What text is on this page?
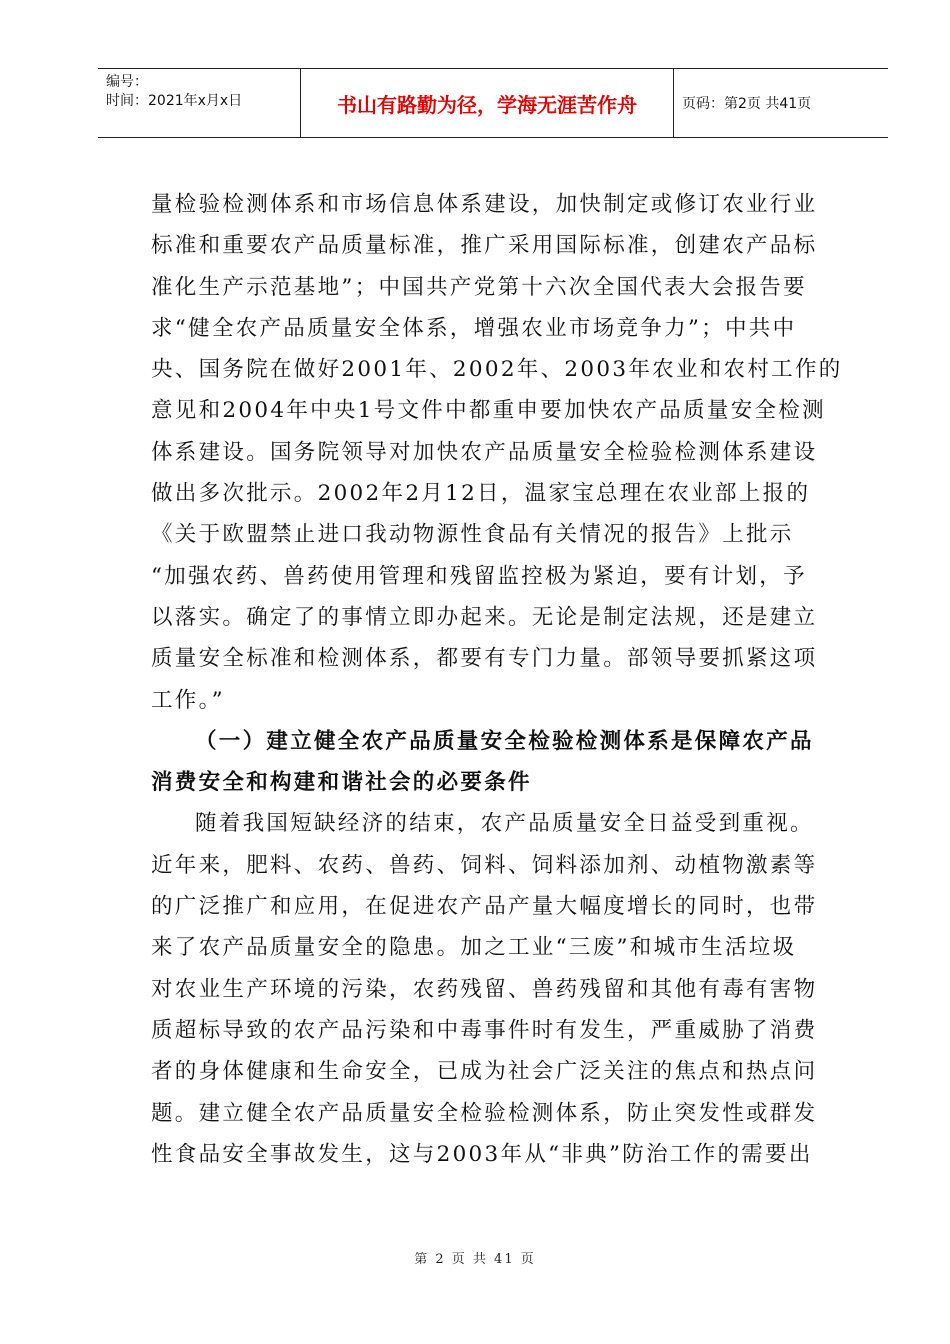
编号：
时间：2021年x月x日	书山有路勤为径，学海无涯苦作舟	页码：第2页 共41页

量检验检测体系和市场信息体系建设，加快制定或修订农业行业
标准和重要农产品质量标准，推广采用国际标准，创建农产品标
准化生产示范基地”；中国共产党第十六次全国代表大会报告要
求“健全农产品质量安全体系，增强农业市场竞争力”；中共中
央、国务院在做好2001年、2002年、2003年农业和农村工作的
意见和2004年中央1号文件中都重申要加快农产品质量安全检测
体系建设。国务院领导对加快农产品质量安全检验检测体系建设
做出多次批示。2002年2月12日，温家宝总理在农业部上报的
《关于欧盟禁止进口我动物源性食品有关情况的报告》上批示
“加强农药、兽药使用管理和残留监控极为紧迫，要有计划，予
以落实。确定了的事情立即办起来。无论是制定法规，还是建立
质量安全标准和检测体系，都要有专门力量。部领导要抓紧这项
工作。”

（一）建立健全农产品质量安全检验检测体系是保障农产品
消费安全和构建和谐社会的必要条件

随着我国短缺经济的结束，农产品质量安全日益受到重视。
近年来，肥料、农药、兽药、饲料、饲料添加剂、动植物激素等
的广泛推广和应用，在促进农产品产量大幅度增长的同时，也带
来了农产品质量安全的隐患。加之工业“三废”和城市生活垃圾
对农业生产环境的污染，农药残留、兽药残留和其他有毒有害物
质超标导致的农产品污染和中毒事件时有发生，严重威胁了消费
者的身体健康和生命安全，已成为社会广泛关注的焦点和热点问
题。建立健全农产品质量安全检验检测体系，防止突发性或群发
性食品安全事故发生，这与2003年从“非典”防治工作的需要出

第 2 页 共 41 页
